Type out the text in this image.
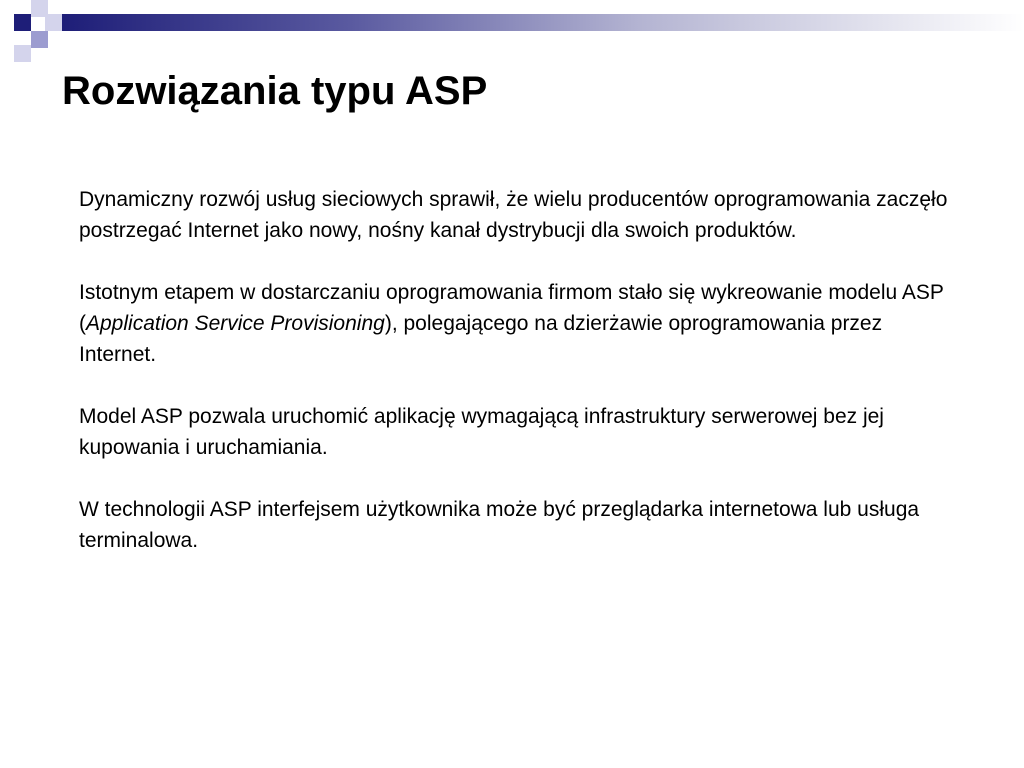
Rozwiązania typu ASP

Dynamiczny rozwój usług sieciowych sprawił, że wielu producentów oprogramowania zaczęło postrzegać Internet jako nowy, nośny kanał dystrybucji dla swoich produktów.

Istotnym etapem w dostarczaniu oprogramowania firmom stało się wykreowanie modelu ASP (Application Service Provisioning), polegającego na dzierżawie oprogramowania przez Internet.

Model ASP pozwala uruchomić aplikację wymagającą infrastruktury serwerowej bez jej kupowania i uruchamiania.

W technologii ASP interfejsem użytkownika może być przeglądarka internetowa lub usługa terminalowa.
